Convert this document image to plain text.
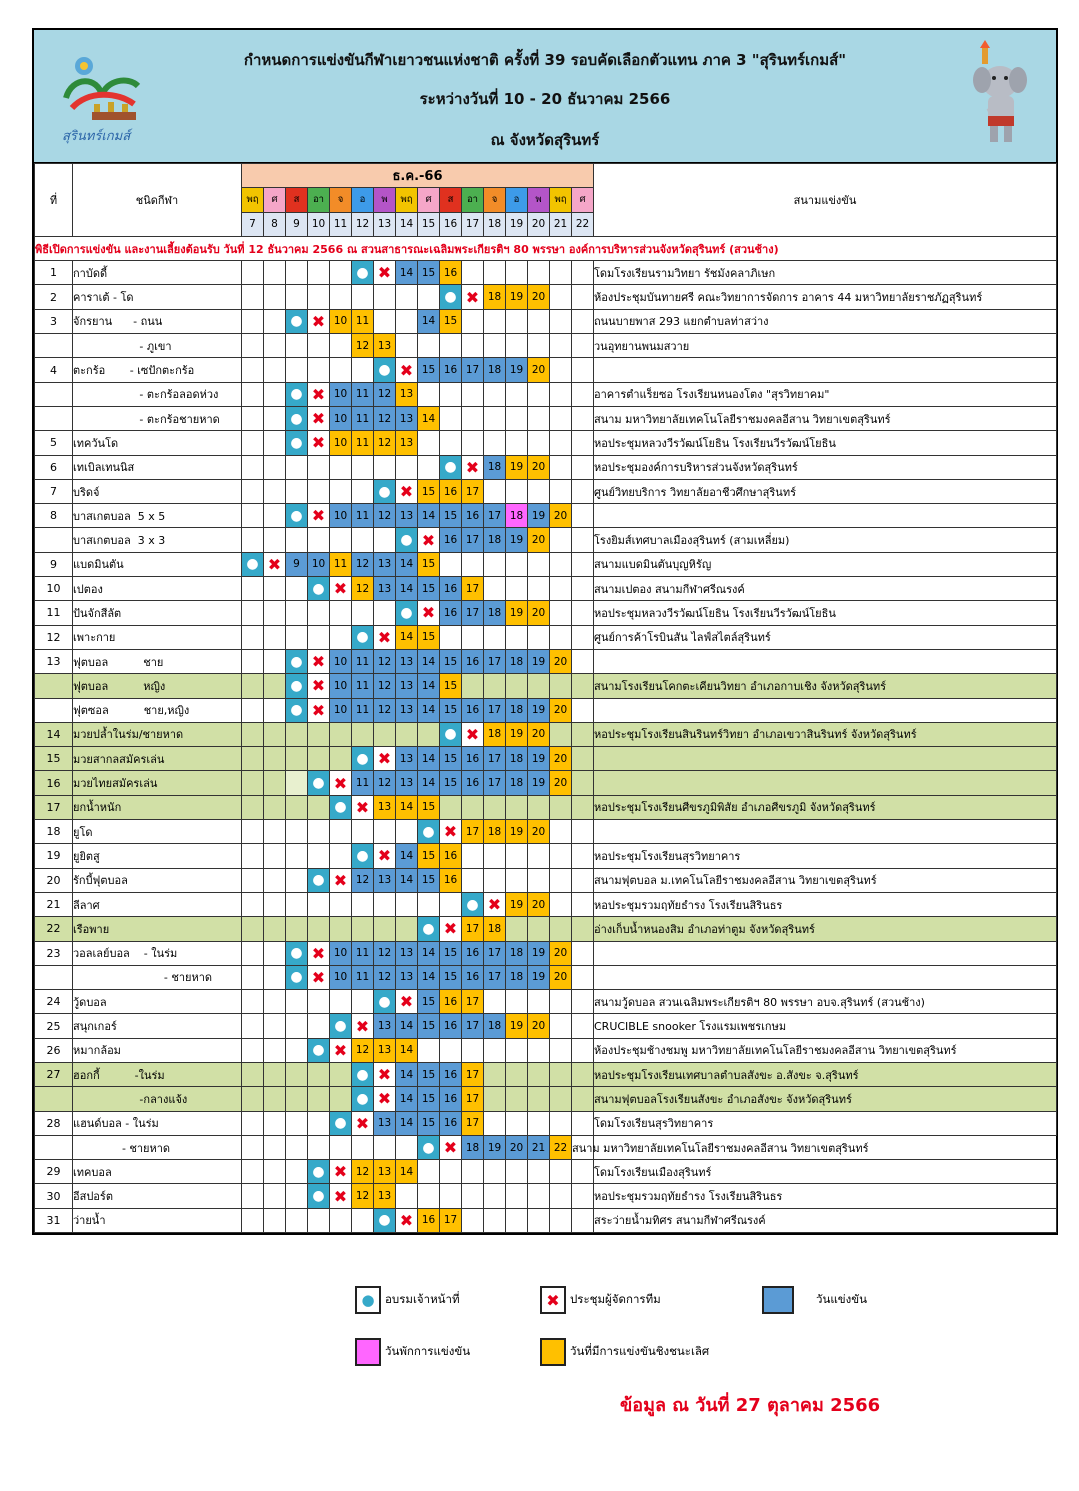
สุรินทร์เกมส์
กำหนดการแข่งขันกีฬาเยาวชนแห่งชาติ ครั้งที่ 39 รอบคัดเลือกตัวแทน ภาค 3 "สุรินทร์เกมส์"
ระหว่างวันที่ 10 - 20 ธันวาคม 2566
ณ จังหวัดสุรินทร์
ที่	ชนิดกีฬา	ธ.ค.-66																สนามแข่งขัน	
		พฤ	ศ	ส	อา	จ	อ	พ	พฤ	ศ	ส	อา	จ	อ	พ	พฤ	ศ		
		7	8	9	10	11	12	13	14	15	16	17	18	19	20	21	22		
พิธีเปิดการแข่งขัน และงานเลี้ยงต้อนรับ วันที่ 12 ธันวาคม 2566 ณ สวนสาธารณะเฉลิมพระเกียรติฯ 80 พรรษา องค์การบริหารส่วนจังหวัดสุรินทร์ (สวนช้าง)																			
1	กาบัดดี้						●	✖	14	15	16							โดมโรงเรียนรามวิทยา รัชมังคลาภิเษก	
2	คาราเต้ - โด										●	✖	18	19	20			ห้องประชุมบันทายศรี คณะวิทยาการจัดการ อาคาร 44 มหาวิทยาลัยราชภัฏสุรินทร์	
3	จักรยาน      - ถนน			●	✖	10	11			14	15							ถนนบายพาส 293 แยกตำบลท่าสว่าง	
	- ภูเขา						12	13										วนอุทยานพนมสวาย	
4	ตะกร้อ       - เซปักตะกร้อ							●	✖	15	16	17	18	19	20				
	- ตะกร้อลอดห่วง			●	✖	10	11	12	13									อาคารตำแร็ยซอ โรงเรียนหนองโตง "สุรวิทยาคม"	
	- ตะกร้อชายหาด			●	✖	10	11	12	13	14								สนาม มหาวิทยาลัยเทคโนโลยีราชมงคลอีสาน วิทยาเขตสุรินทร์	
5	เทควันโด			●	✖	10	11	12	13									หอประชุมหลวงวีรวัฒน์โยธิน โรงเรียนวีรวัฒน์โยธิน	
6	เทเบิลเทนนิส										●	✖	18	19	20			หอประชุมองค์การบริหารส่วนจังหวัดสุรินทร์	
7	บริดจ์							●	✖	15	16	17						ศูนย์วิทยบริการ วิทยาลัยอาชีวศึกษาสุรินทร์	
8	บาสเกตบอล  5 x 5			●	✖	10	11	12	13	14	15	16	17	18	19	20			
	บาสเกตบอล  3 x 3								●	✖	16	17	18	19	20			โรงยิมส์เทศบาลเมืองสุรินทร์ (สามเหลี่ยม)	
9	แบดมินตัน	●	✖	9	10	11	12	13	14	15								สนามแบดมินตันบุญหิรัญ	
10	เปตอง				●	✖	12	13	14	15	16	17						สนามเปตอง สนามกีฬาศรีณรงค์	
11	ปันจักสีลัต								●	✖	16	17	18	19	20			หอประชุมหลวงวีรวัฒน์โยธิน โรงเรียนวีรวัฒน์โยธิน	
12	เพาะกาย						●	✖	14	15								ศูนย์การค้าโรบินสัน ไลฟ์สไตล์สุรินทร์	
13	ฟุตบอล          ชาย			●	✖	10	11	12	13	14	15	16	17	18	19	20			
	ฟุตบอล          หญิง			●	✖	10	11	12	13	14	15							สนามโรงเรียนโคกตะเคียนวิทยา อำเภอกาบเชิง จังหวัดสุรินทร์	
	ฟุตซอล          ชาย,หญิง			●	✖	10	11	12	13	14	15	16	17	18	19	20			
14	มวยปล้ำในร่ม/ชายหาด										●	✖	18	19	20			หอประชุมโรงเรียนสินรินทร์วิทยา อำเภอเขวาสินรินทร์ จังหวัดสุรินทร์	
15	มวยสากลสมัครเล่น						●	✖	13	14	15	16	17	18	19	20			
16	มวยไทยสมัครเล่น				●	✖	11	12	13	14	15	16	17	18	19	20			
17	ยกน้ำหนัก					●	✖	13	14	15								หอประชุมโรงเรียนศีขรภูมิพิสัย อำเภอศีขรภูมิ จังหวัดสุรินทร์	
18	ยูโด									●	✖	17	18	19	20				
19	ยูยิตสู						●	✖	14	15	16							หอประชุมโรงเรียนสุรวิทยาคาร	
20	รักบี้ฟุตบอล				●	✖	12	13	14	15	16							สนามฟุตบอล ม.เทคโนโลยีราชมงคลอีสาน วิทยาเขตสุรินทร์	
21	ลีลาศ											●	✖	19	20			หอประชุมรวมฤทัยธำรง โรงเรียนสิรินธร	
22	เรือพาย									●	✖	17	18					อ่างเก็บน้ำหนองสิม อำเภอท่าตูม จังหวัดสุรินทร์	
23	วอลเลย์บอล    - ในร่ม			●	✖	10	11	12	13	14	15	16	17	18	19	20			
	- ชายหาด			●	✖	10	11	12	13	14	15	16	17	18	19	20			
24	วู้ดบอล							●	✖	15	16	17						สนามวู้ดบอล สวนเฉลิมพระเกียรติฯ 80 พรรษา อบจ.สุรินทร์ (สวนช้าง)	
25	สนุกเกอร์					●	✖	13	14	15	16	17	18	19	20			CRUCIBLE snooker โรงแรมเพชรเกษม	
26	หมากล้อม				●	✖	12	13	14									ห้องประชุมช้างชมพู มหาวิทยาลัยเทคโนโลยีราชมงคลอีสาน วิทยาเขตสุรินทร์	
27	ฮอกกี้          -ในร่ม						●	✖	14	15	16	17						หอประชุมโรงเรียนเทศบาลตำบลสังขะ อ.สังขะ จ.สุรินทร์	
	-กลางแจ้ง						●	✖	14	15	16	17						สนามฟุตบอลโรงเรียนสังขะ อำเภอสังขะ จังหวัดสุรินทร์	
28	แฮนด์บอล - ในร่ม					●	✖	13	14	15	16	17						โดมโรงเรียนสุรวิทยาคาร	
	- ชายหาด									●	✖	18	19	20	21	22	สนาม มหาวิทยาลัยเทคโนโลยีราชมงคลอีสาน วิทยาเขตสุรินทร์		
29	เทคบอล				●	✖	12	13	14									โดมโรงเรียนเมืองสุรินทร์	
30	อีสปอร์ต				●	✖	12	13										หอประชุมรวมฤทัยธำรง โรงเรียนสิรินธร	
31	ว่ายน้ำ							●	✖	16	17							สระว่ายน้ำมทิศร สนามกีฬาศรีณรงค์	
● อบรมเจ้าหน้าที่	✖ ประชุมผู้จัดการทีม	วันแข่งขัน
วันพักการแข่งขัน	วันที่มีการแข่งขันชิงชนะเลิศ
ข้อมูล ณ วันที่ 27 ตุลาคม 2566
